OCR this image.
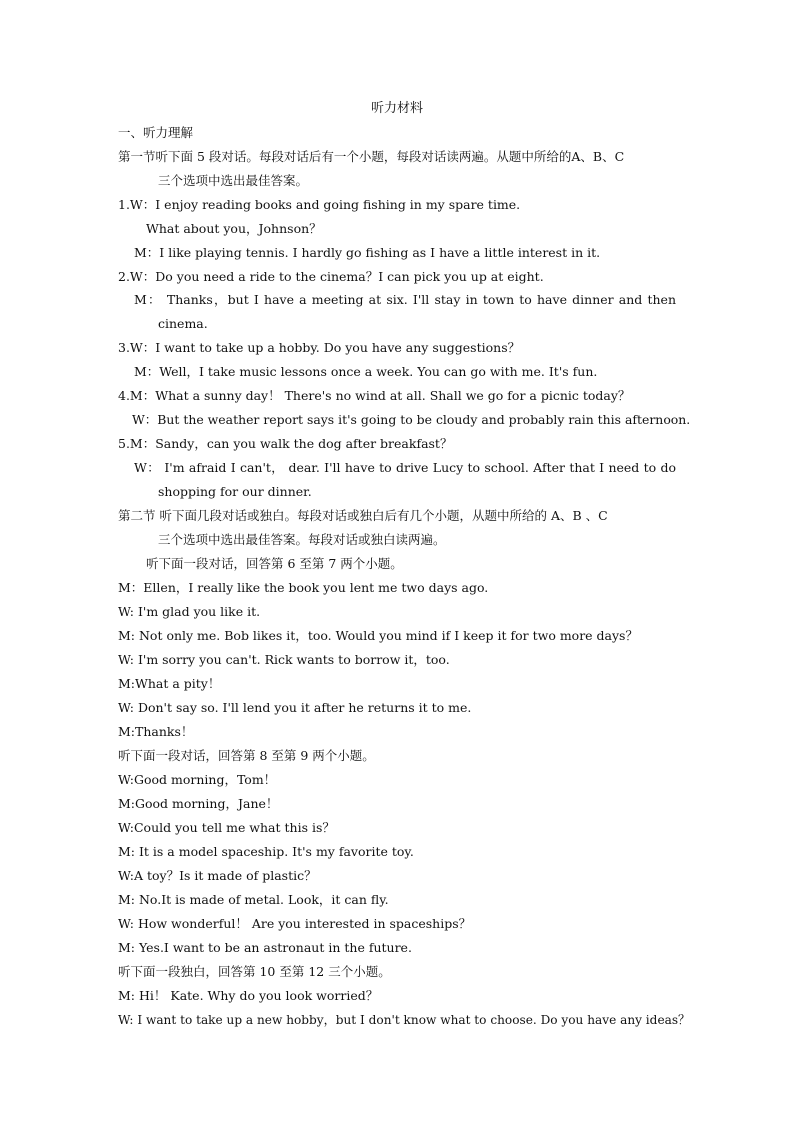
听力材料
一、听力理解
第一节听下面 5 段对话。每段对话后有一个小题，每段对话读两遍。从题中所给的A、B、C
三个选项中选出最佳答案。
1.W：I enjoy reading books and going fishing in my spare time.
What about you，Johnson？
M：I like playing tennis. I hardly go fishing as I have a little interest in it.
2.W：Do you need a ride to the cinema？I can pick you up at eight.
M： Thanks，but I have a meeting at six. I'll stay in town to have dinner and then
cinema.
3.W：I want to take up a hobby. Do you have any suggestions？
M：Well，I take music lessons once a week. You can go with me. It's fun.
4.M：What a sunny day！ There's no wind at all. Shall we go for a picnic today？
W：But the weather report says it's going to be cloudy and probably rain this afternoon.
5.M：Sandy，can you walk the dog after breakfast？
W： I'm afraid I can't， dear. I'll have to drive Lucy to school. After that I need to do
shopping for our dinner.
第二节 听下面几段对话或独白。每段对话或独白后有几个小题，从题中所给的 A、B 、C
三个选项中选出最佳答案。每段对话或独白读两遍。
听下面一段对话，回答第 6 至第 7 两个小题。
M：Ellen，I really like the book you lent me two days ago.
W: I'm glad you like it.
M: Not only me. Bob likes it，too. Would you mind if I keep it for two more days？
W: I'm sorry you can't. Rick wants to borrow it，too.
M:What a pity！
W: Don't say so. I'll lend you it after he returns it to me.
M:Thanks！
听下面一段对话，回答第 8 至第 9 两个小题。
W:Good morning，Tom！
M:Good morning，Jane！
W:Could you tell me what this is？
M: It is a model spaceship. It's my favorite toy.
W:A toy？Is it made of plastic？
M: No.It is made of metal. Look，it can fly.
W: How wonderful！ Are you interested in spaceships？
M: Yes.I want to be an astronaut in the future.
听下面一段独白，回答第 10 至第 12 三个小题。
M: Hi！ Kate. Why do you look worried？
W: I want to take up a new hobby，but I don't know what to choose. Do you have any ideas？
